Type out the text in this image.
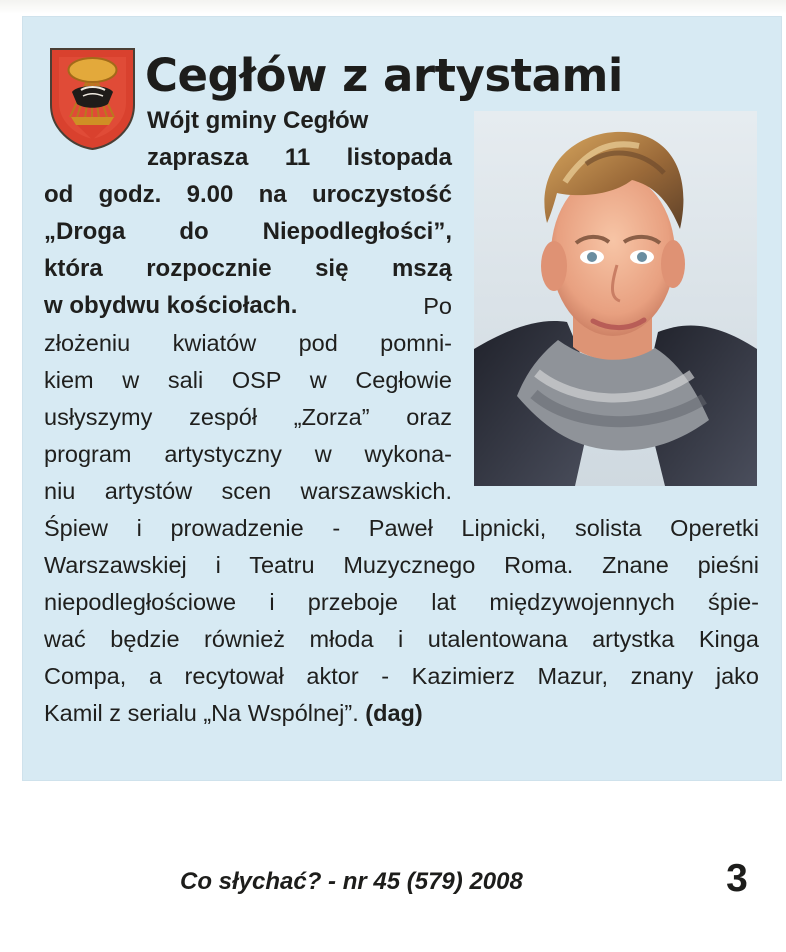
Cegłów z artystami
Wójt gminy Cegłów
zaprasza 11 listopada
od godz. 9.00 na uroczystość
„Droga do Niepodległości”,
która rozpocznie się mszą
w obydwu kościołach.	Po
złożeniu kwiatów pod pomni-
kiem w sali OSP w Cegłowie
usłyszymy zespół „Zorza” oraz
program artystyczny w wykona-
niu artystów scen warszawskich.
Śpiew i prowadzenie - Paweł Lipnicki, solista Operetki
Warszawskiej i Teatru Muzycznego Roma. Znane pieśni
niepodległościowe i przeboje lat międzywojennych śpie-
wać będzie również młoda i utalentowana artystka Kinga
Compa, a recytował aktor - Kazimierz Mazur, znany jako
Kamil z serialu „Na Wspólnej”. (dag)
Co słychać? - nr 45 (579) 2008	3
